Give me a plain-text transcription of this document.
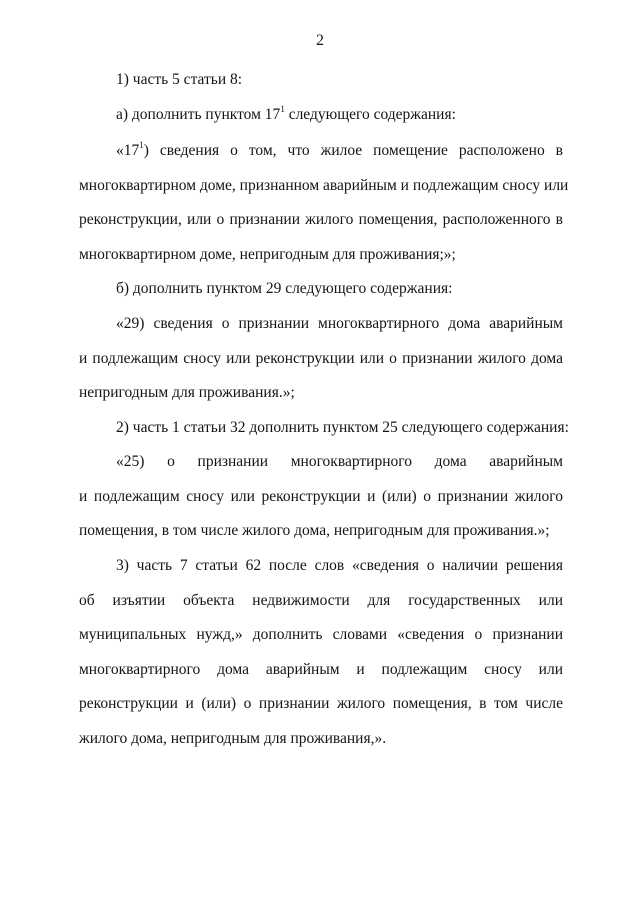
2
1) часть 5 статьи 8:
а) дополнить пунктом $17^1$ следующего содержания:
«$17^1$) сведения о том, что жилое помещение расположено в
многоквартирном доме, признанном аварийным и подлежащим сносу или
реконструкции, или о признании жилого помещения, расположенного в
многоквартирном доме, непригодным для проживания;»;
б) дополнить пунктом 29 следующего содержания:
«29) сведения о признании многоквартирного дома аварийным
и подлежащим сносу или реконструкции или о признании жилого дома
непригодным для проживания.»;
2) часть 1 статьи 32 дополнить пунктом 25 следующего содержания:
«25) о признании многоквартирного дома аварийным
и подлежащим сносу или реконструкции и (или) о признании жилого
помещения, в том числе жилого дома, непригодным для проживания.»;
3) часть 7 статьи 62 после слов «сведения о наличии решения
об изъятии объекта недвижимости для государственных или
муниципальных нужд,» дополнить словами «сведения о признании
многоквартирного дома аварийным и подлежащим сносу или
реконструкции и (или) о признании жилого помещения, в том числе
жилого дома, непригодным для проживания,».
